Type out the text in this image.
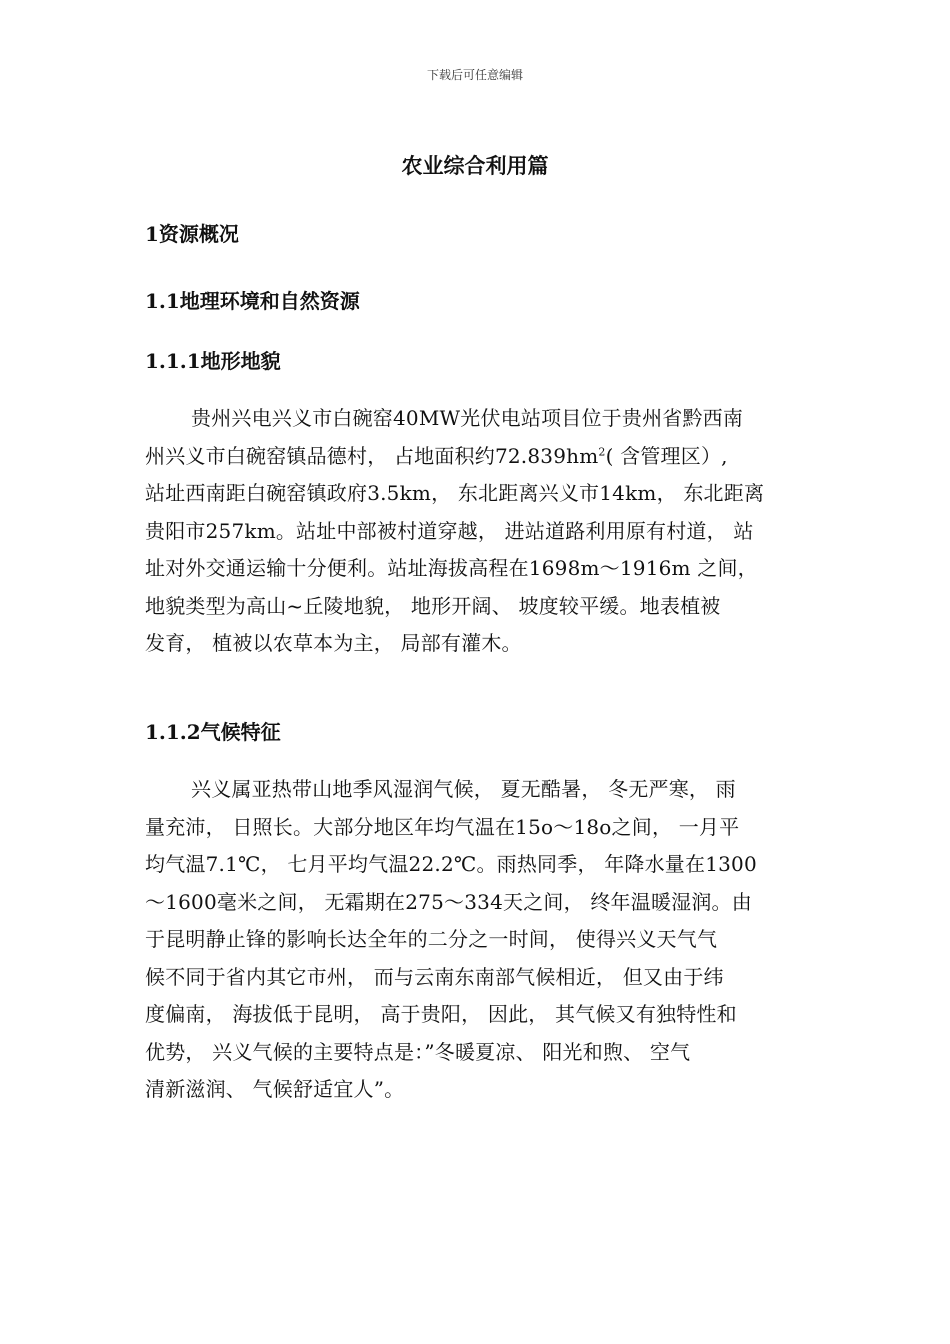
下载后可任意编辑
农业综合利用篇
1资源概况
1.1地理环境和自然资源
1.1.1地形地貌
贵州兴电兴义市白碗窑40MW光伏电站项目位于贵州省黔西南
州兴义市白碗窑镇品德村， 占地面积约$72.839hm^2$( 含管理区）,
站址西南距白碗窑镇政府3.5km， 东北距离兴义市14km， 东北距离
贵阳市257km。站址中部被村道穿越， 进站道路利用原有村道， 站
址对外交通运输十分便利。站址海拔高程在1698m～1916m 之间，
地貌类型为高山~丘陵地貌， 地形开阔、 坡度较平缓。地表植被
发育， 植被以农草本为主， 局部有灌木。
1.1.2气候特征
兴义属亚热带山地季风湿润气候， 夏无酷暑， 冬无严寒， 雨
量充沛， 日照长。大部分地区年均气温在15o～18o之间， 一月平
均气温7.1℃， 七月平均气温22.2℃。雨热同季， 年降水量在1300
～1600毫米之间， 无霜期在275～334天之间， 终年温暖湿润。由
于昆明静止锋的影响长达全年的二分之一时间， 使得兴义天气气
候不同于省内其它市州， 而与云南东南部气候相近， 但又由于纬
度偏南， 海拔低于昆明， 高于贵阳， 因此， 其气候又有独特性和
优势， 兴义气候的主要特点是：”冬暖夏凉、 阳光和煦、 空气
清新滋润、 气候舒适宜人”。
